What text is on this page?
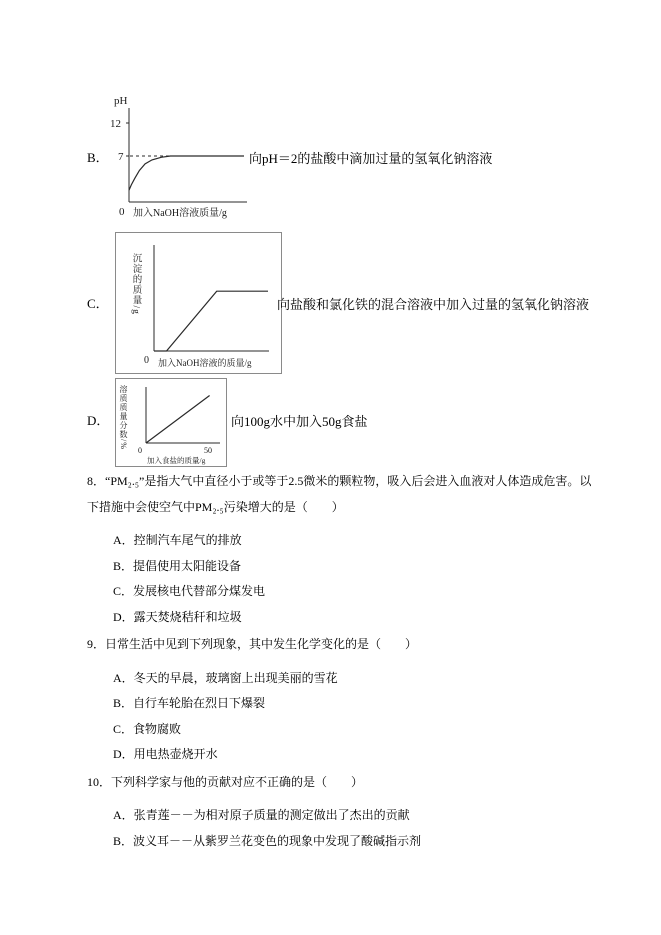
B．
pH
12
7
0 加入NaOH溶液质量/g
向pH＝2的盐酸中滴加过量的氢氧化钠溶液
C．
0 加入NaOH溶液的质量/g
沉淀的质量/g	向盐酸和氯化铁的混合溶液中加入过量的氢氧化钠溶液
D．
0	50
加入食盐的质量/g
溶质质量分数/%	向100g水中加入50g食盐

8．“PM₂.₅”是指大气中直径小于或等于2.5微米的颗粒物，吸入后会进入血液对人体造成危害。以下措施中会使空气中PM₂.₅污染增大的是（　　）

A．控制汽车尾气的排放

B．提倡使用太阳能设备

C．发展核电代替部分煤发电

D．露天焚烧秸秆和垃圾

9．日常生活中见到下列现象，其中发生化学变化的是（　　）

A．冬天的早晨，玻璃窗上出现美丽的雪花

B．自行车轮胎在烈日下爆裂

C．食物腐败

D．用电热壶烧开水

10．下列科学家与他的贡献对应不正确的是（　　）

A．张青莲－－为相对原子质量的测定做出了杰出的贡献

B．波义耳－－从紫罗兰花变色的现象中发现了酸碱指示剂
